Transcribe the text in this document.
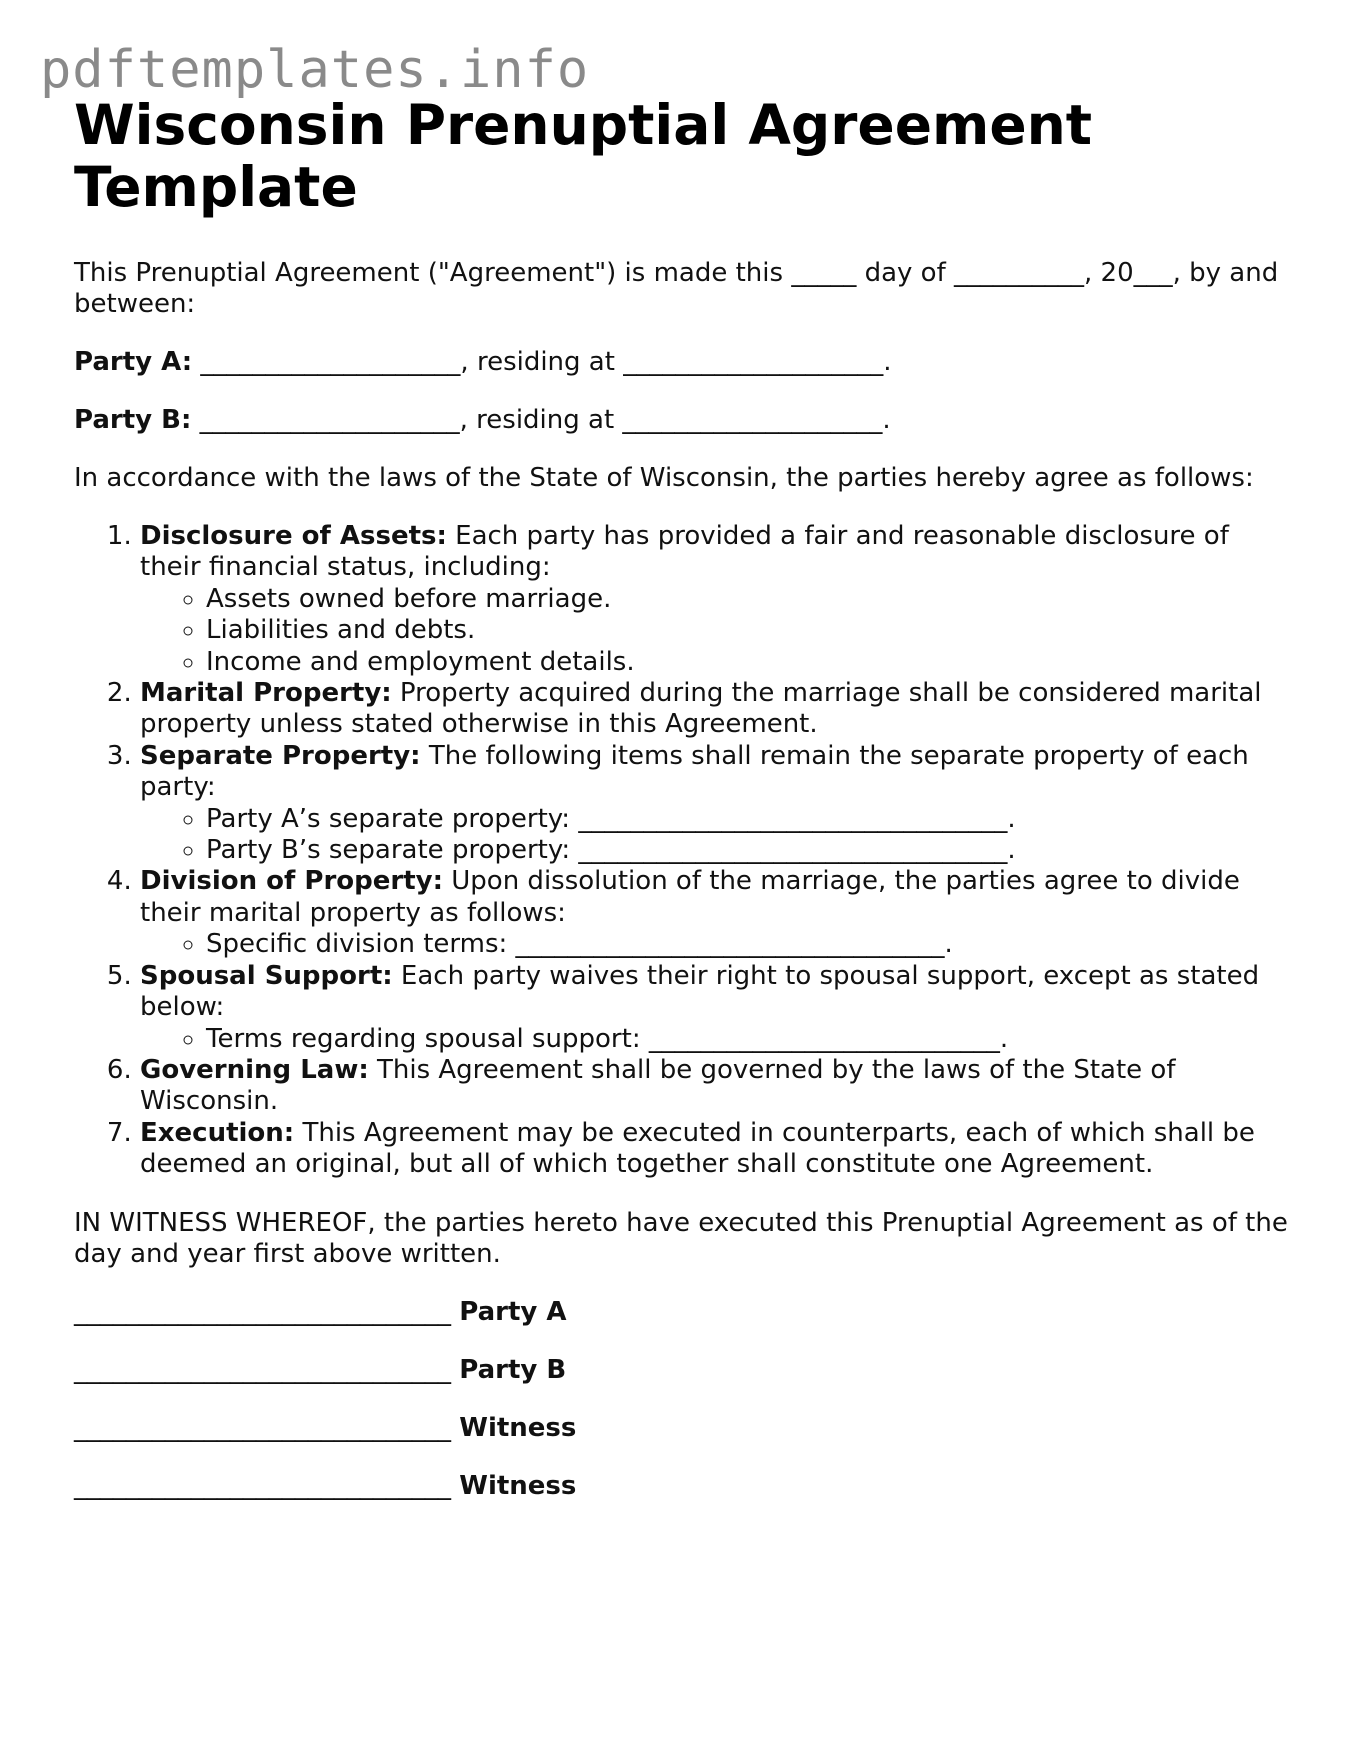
pdftemplates.info
Wisconsin Prenuptial Agreement Template

This Prenuptial Agreement ("Agreement") is made this _____ day of __________, 20___, by and between:

Party A: ____________________, residing at ____________________.

Party B: ____________________, residing at ____________________.

In accordance with the laws of the State of Wisconsin, the parties hereby agree as follows:

1. Disclosure of Assets: Each party has provided a fair and reasonable disclosure of their financial status, including:
◦ Assets owned before marriage.
◦ Liabilities and debts.
◦ Income and employment details.
2. Marital Property: Property acquired during the marriage shall be considered marital property unless stated otherwise in this Agreement.
3. Separate Property: The following items shall remain the separate property of each party:
◦ Party A’s separate property: _________________________________.
◦ Party B’s separate property: _________________________________.
4. Division of Property: Upon dissolution of the marriage, the parties agree to divide their marital property as follows:
◦ Specific division terms: _________________________________.
5. Spousal Support: Each party waives their right to spousal support, except as stated below:
◦ Terms regarding spousal support: ___________________________.
6. Governing Law: This Agreement shall be governed by the laws of the State of Wisconsin.
7. Execution: This Agreement may be executed in counterparts, each of which shall be deemed an original, but all of which together shall constitute one Agreement.

IN WITNESS WHEREOF, the parties hereto have executed this Prenuptial Agreement as of the day and year first above written.

_____________________________ Party A
_____________________________ Party B
_____________________________ Witness
_____________________________ Witness
